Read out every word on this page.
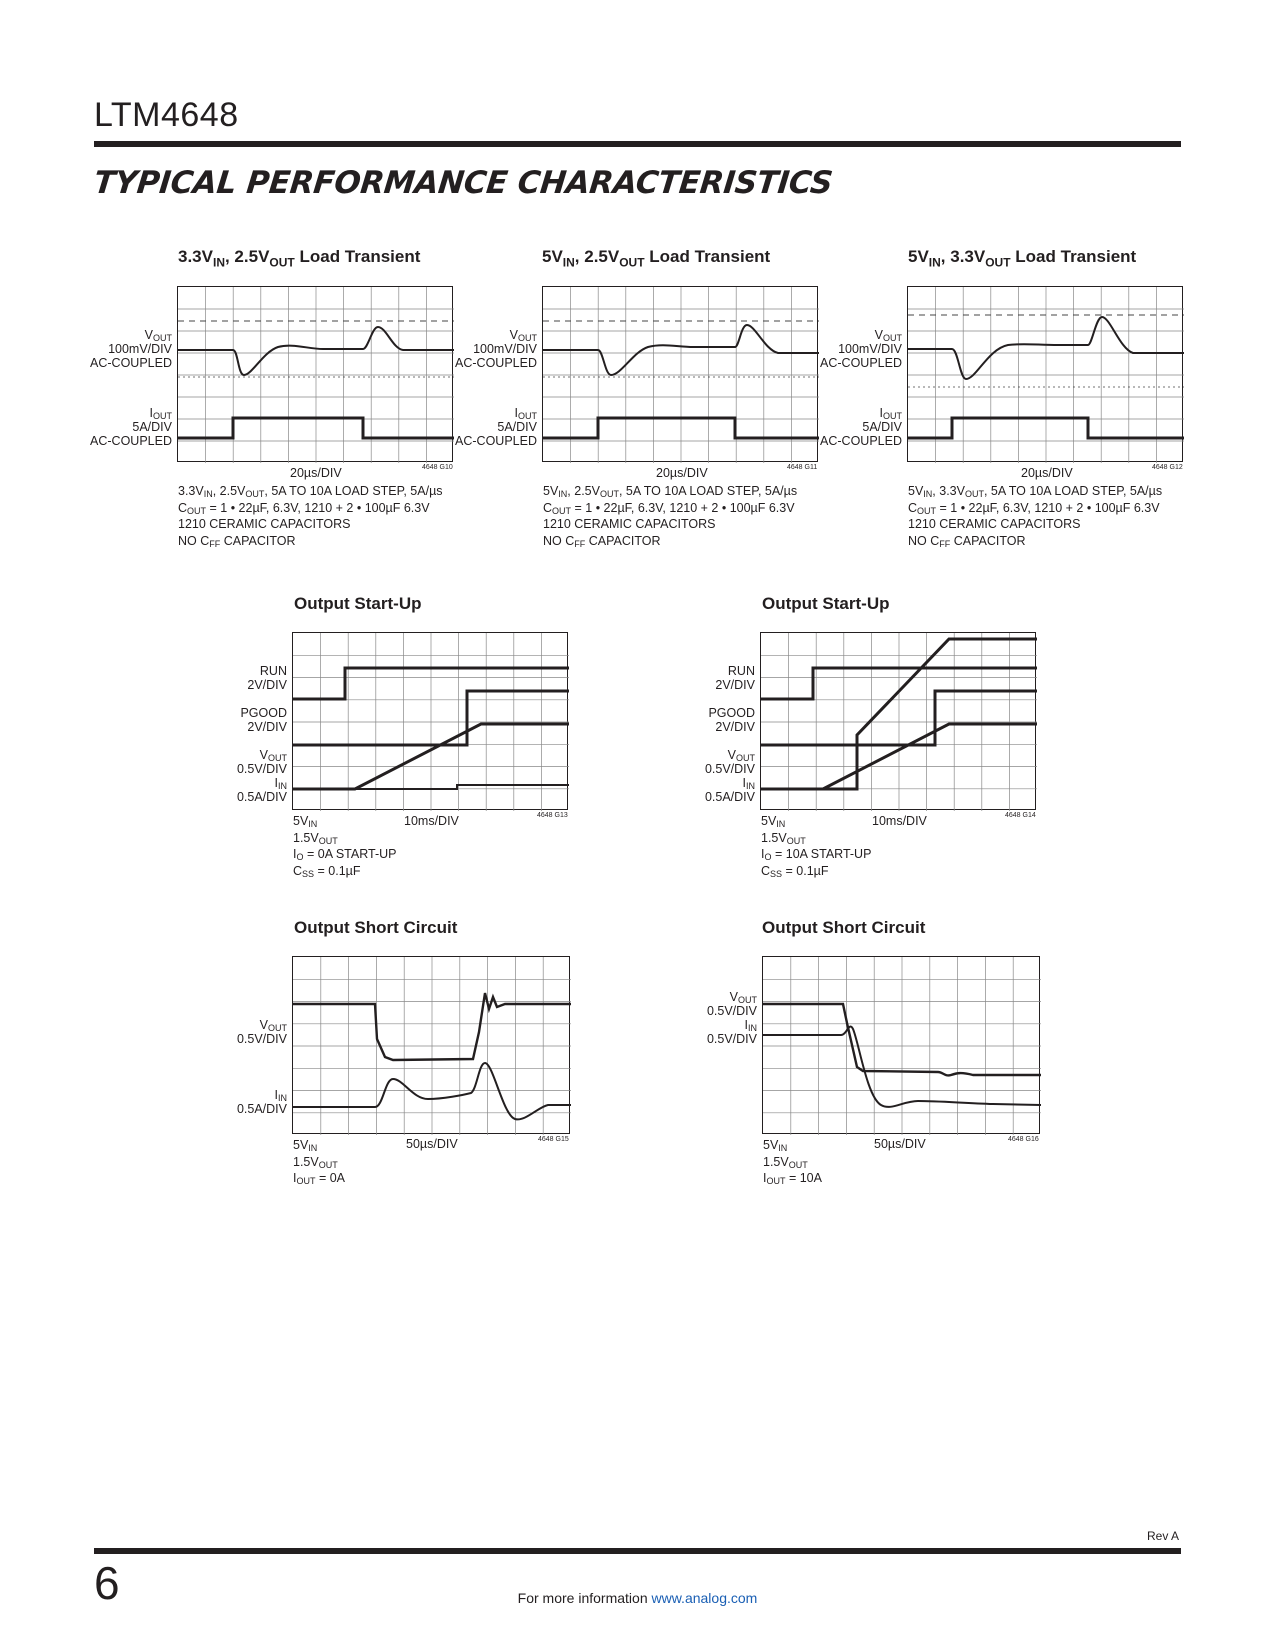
LTM4648
TYPICAL PERFORMANCE CHARACTERISTICS
$3.3V_{IN}$, $2.5V_{OUT}$ Load Transient
$V_{OUT}$
100mV/DIV
AC-COUPLED
$I_{OUT}$
5A/DIV
AC-COUPLED
20µs/DIV	4648 G10
$3.3V_{IN}$, $2.5V_{OUT}$, 5A TO 10A LOAD STEP, 5A/µs
$C_{OUT} = 1$ • 22µF, 6.3V, 1210 + 2 • 100µF 6.3V
1210 CERAMIC CAPACITORS
NO $C_{FF}$ CAPACITOR
$5V_{IN}$, $2.5V_{OUT}$ Load Transient
$V_{OUT}$
100mV/DIV
AC-COUPLED
$I_{OUT}$
5A/DIV
AC-COUPLED
20µs/DIV	4648 G11
$5V_{IN}$, $2.5V_{OUT}$, 5A TO 10A LOAD STEP, 5A/µs
$C_{OUT} = 1$ • 22µF, 6.3V, 1210 + 2 • 100µF 6.3V
1210 CERAMIC CAPACITORS
NO $C_{FF}$ CAPACITOR
$5V_{IN}$, $3.3V_{OUT}$ Load Transient
$V_{OUT}$
100mV/DIV
AC-COUPLED
$I_{OUT}$
5A/DIV
AC-COUPLED
20µs/DIV	4648 G12
$5V_{IN}$, $3.3V_{OUT}$, 5A TO 10A LOAD STEP, 5A/µs
$C_{OUT} = 1$ • 22µF, 6.3V, 1210 + 2 • 100µF 6.3V
1210 CERAMIC CAPACITORS
NO $C_{FF}$ CAPACITOR
Output Start-Up
RUN
2V/DIV
PGOOD
2V/DIV
$V_{OUT}$
0.5V/DIV
$I_{IN}$
0.5A/DIV
10ms/DIV	4648 G13
$5V_{IN}$
$1.5V_{OUT}$
$I_O = 0A$ START-UP
$C_{SS} = 0.1\mu F$
Output Start-Up
RUN
2V/DIV
PGOOD
2V/DIV
$V_{OUT}$
0.5V/DIV
$I_{IN}$
0.5A/DIV
10ms/DIV	4648 G14
$5V_{IN}$
$1.5V_{OUT}$
$I_O = 10A$ START-UP
$C_{SS} = 0.1\mu F$
Output Short Circuit
$V_{OUT}$
0.5V/DIV
$I_{IN}$
0.5A/DIV
50µs/DIV	4648 G15
$5V_{IN}$
$1.5V_{OUT}$
$I_{OUT} = 0A$
Output Short Circuit
$V_{OUT}$
0.5V/DIV
$I_{IN}$
0.5V/DIV
50µs/DIV	4648 G16
$5V_{IN}$
$1.5V_{OUT}$
$I_{OUT} = 10A$
Rev A
6	For more information www.analog.com
